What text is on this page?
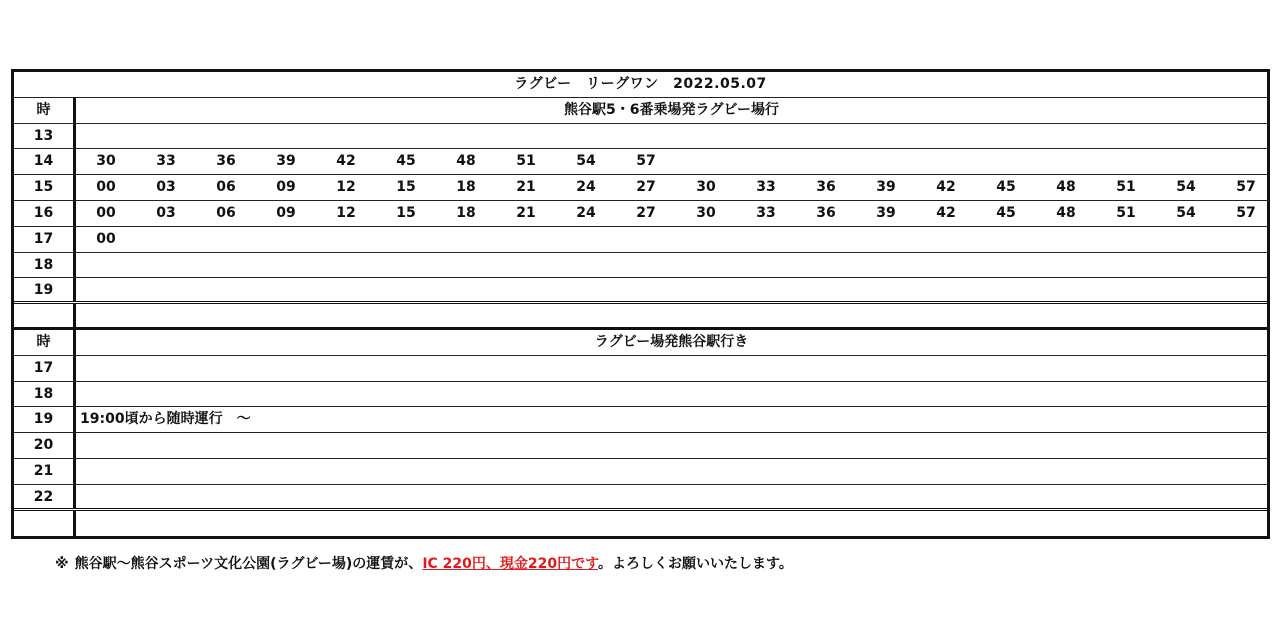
ラグビー　リーグワン　2022.05.07
時	熊谷駅5・6番乗場発ラグビー場行
13
14	30	33	36	39	42	45	48	51	54	57
15	00	03	06	09	12	15	18	21	24	27	30	33	36	39	42	45	48	51	54	57
16	00	03	06	09	12	15	18	21	24	27	30	33	36	39	42	45	48	51	54	57
17	00
18
19
時	ラグビー場発熊谷駅行き
17
18
19	19:00頃から随時運行　～
20
21
22
※ 熊谷駅～熊谷スポーツ文化公園(ラグビー場)の運賃が、IC 220円、現金220円です。よろしくお願いいたします。
